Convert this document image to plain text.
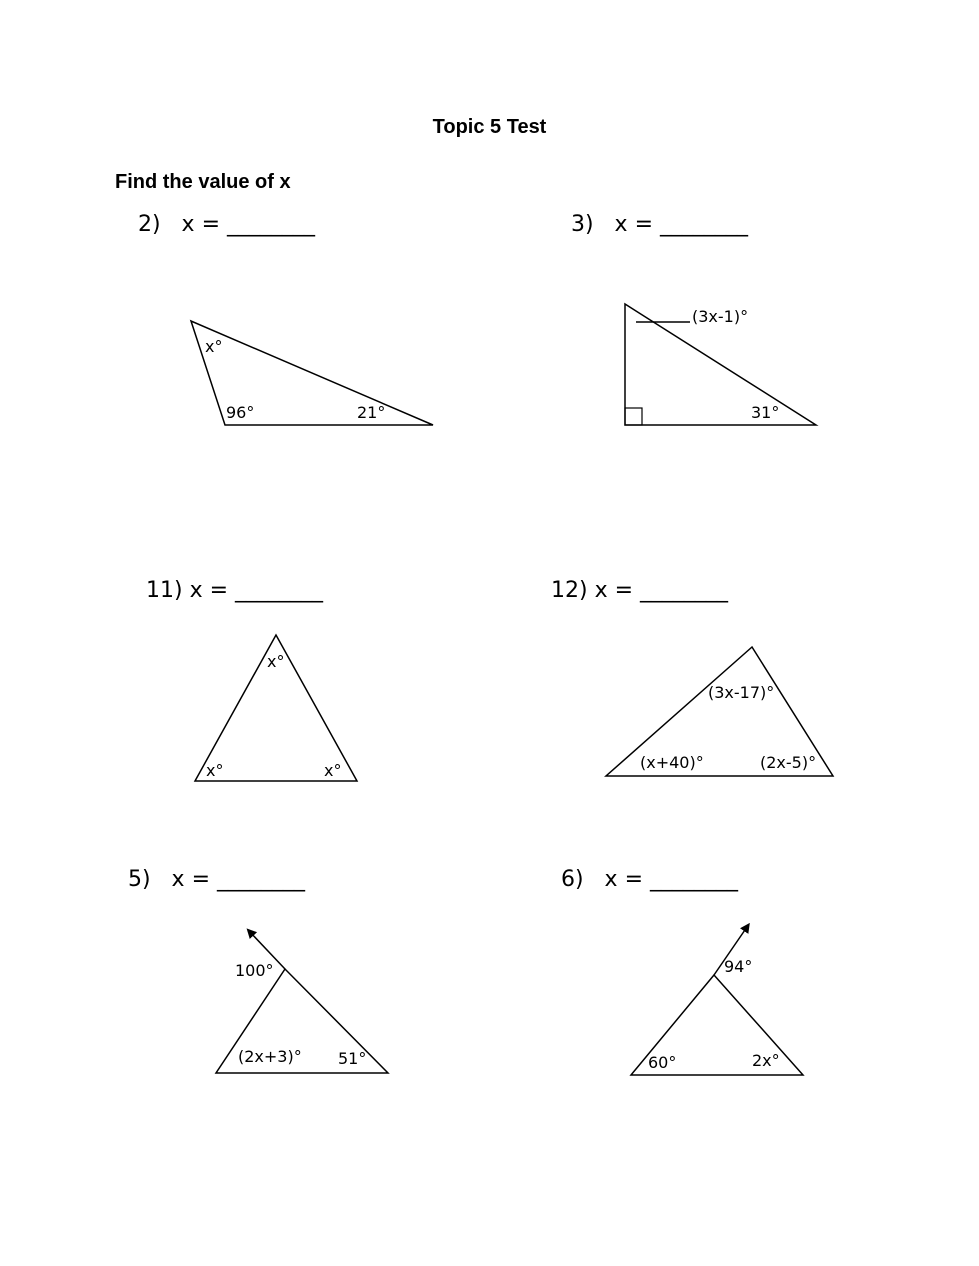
Topic 5 Test
Find the value of x
2)   x = ________	3)   x = ________
11) x = ________	12) x = ________
5)   x = ________	6)   x = ________
x°
96°	21°
(3x-1)°
31°
x°
x°	x°
(3x-17)°
(x+40)°	(2x-5)°
100°
(2x+3)° 51°
94°
60°	2x°
